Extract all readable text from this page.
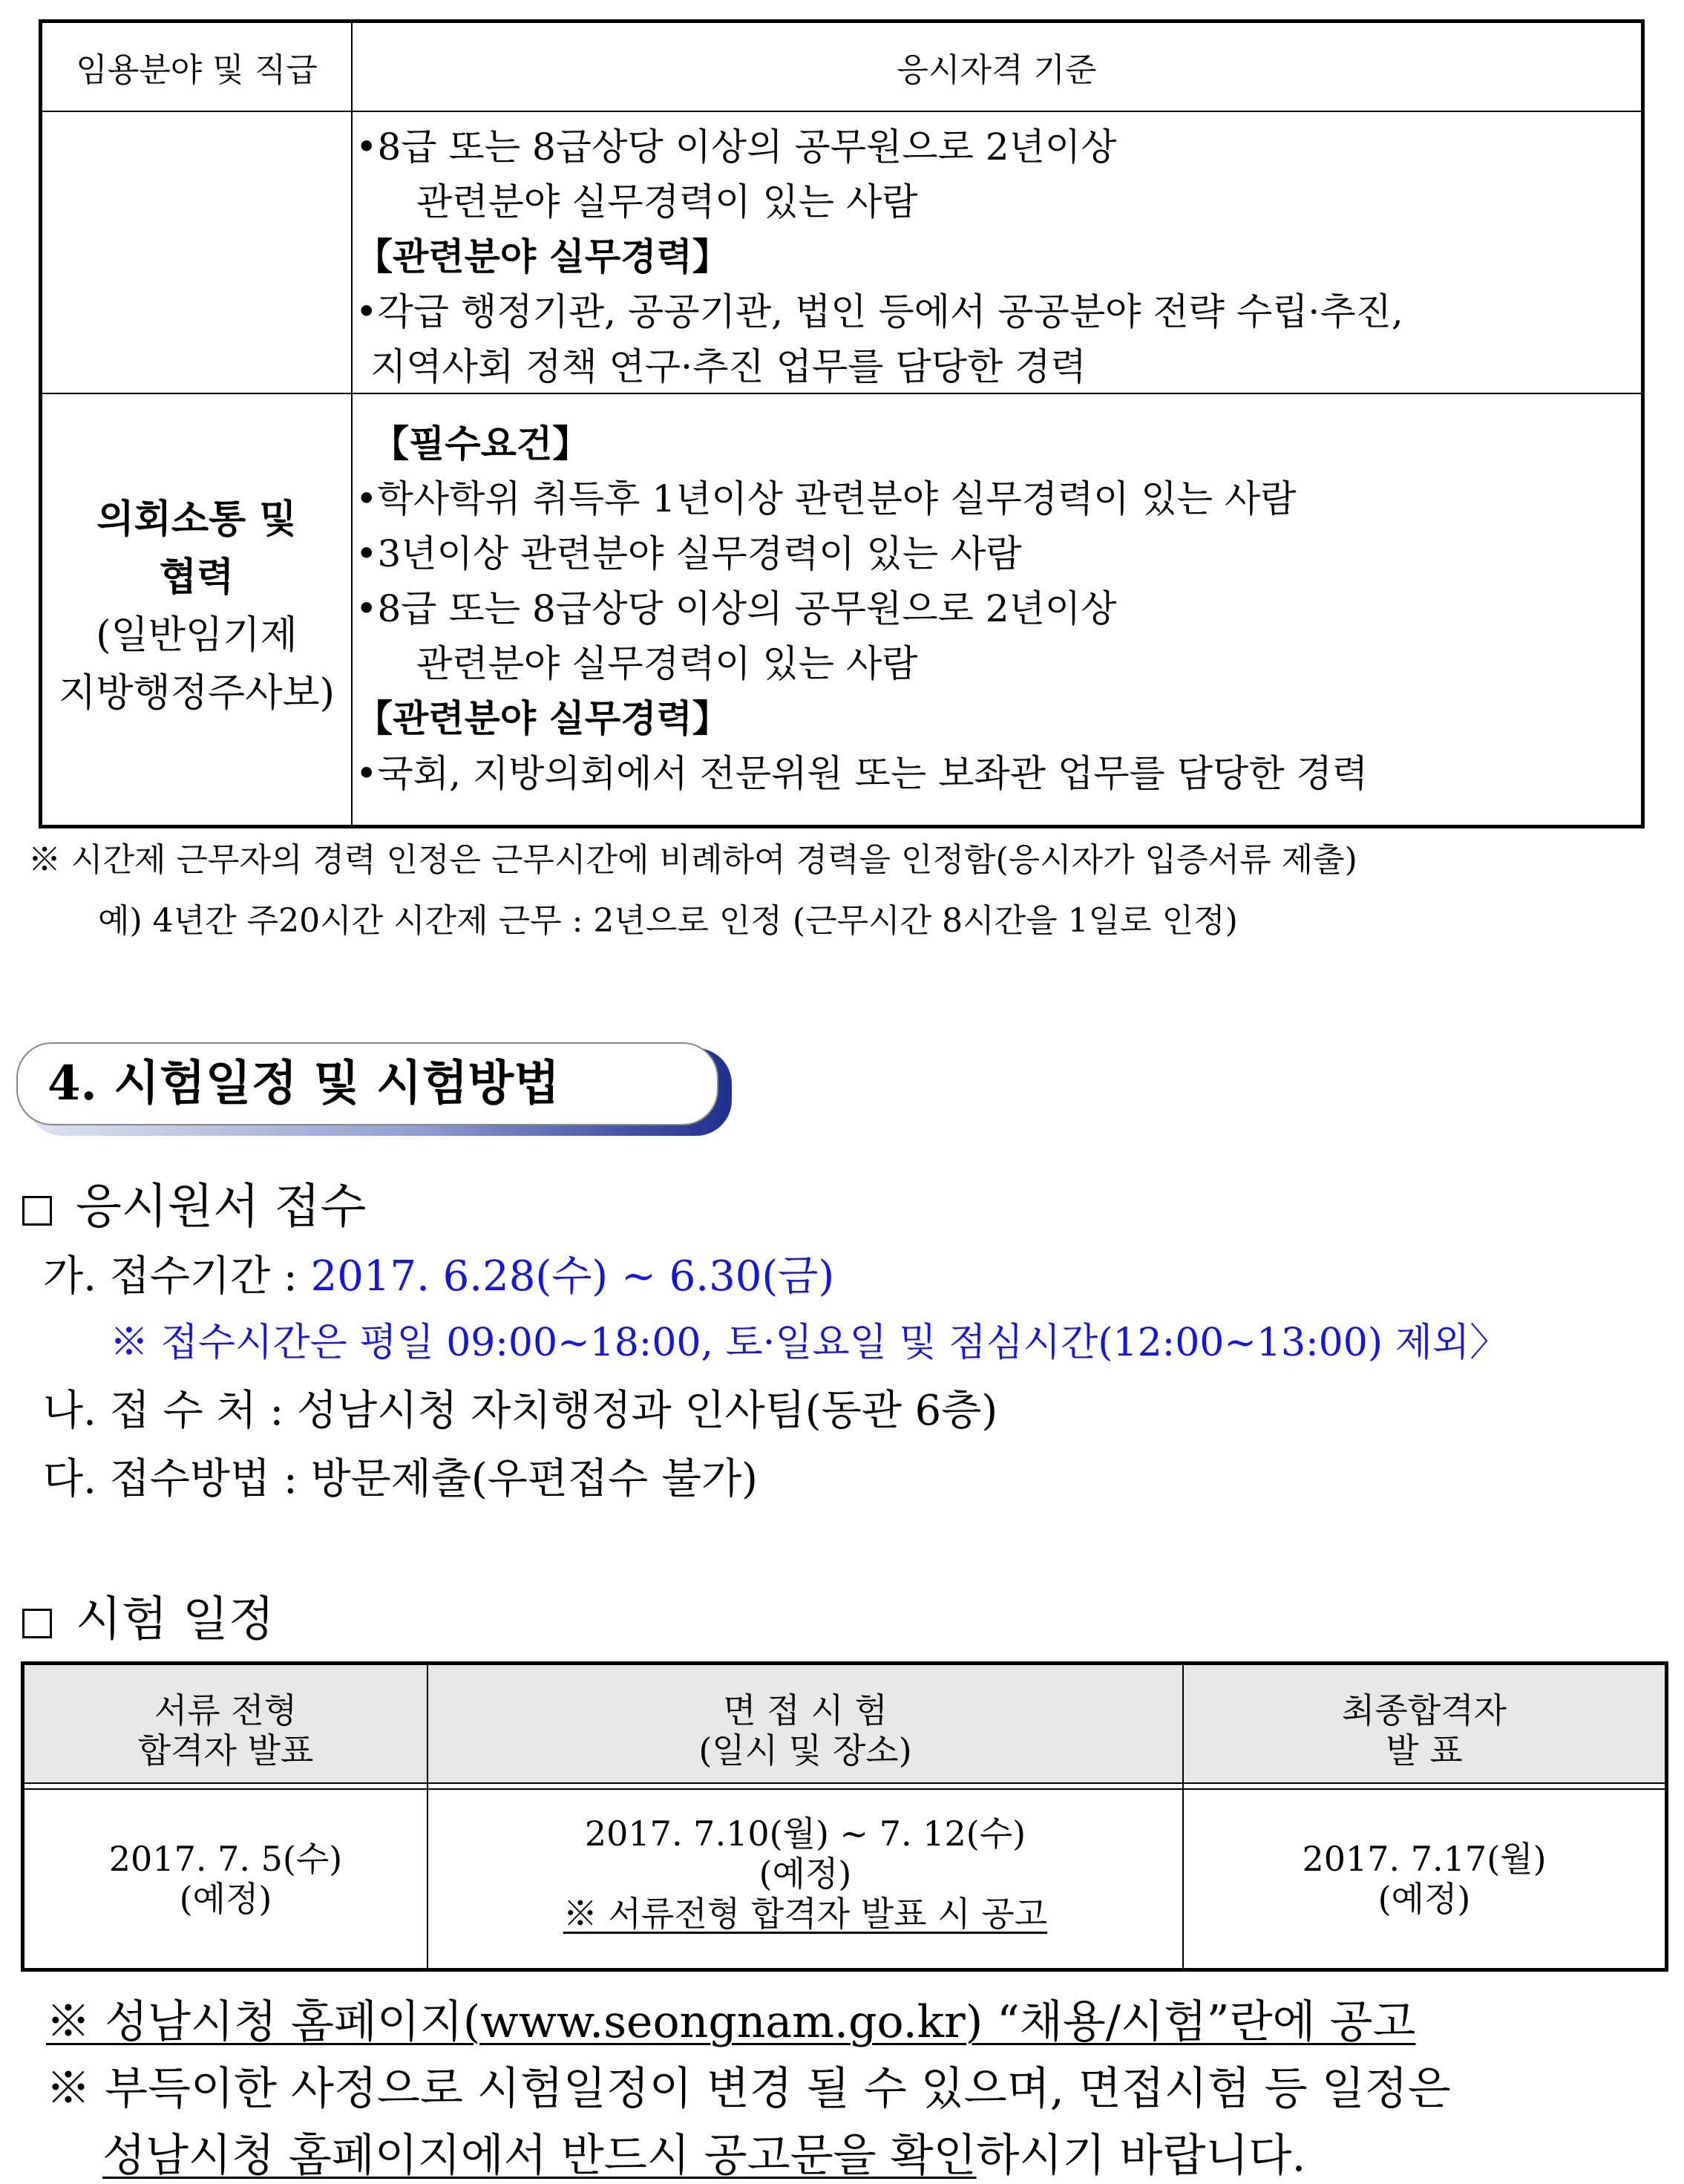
임용분야 및 직급	응시자격 기준
•8급 또는 8급상당 이상의 공무원으로 2년이상
관련분야 실무경력이 있는 사람
【관련분야 실무경력】
•각급 행정기관, 공공기관, 법인 등에서 공공분야 전략 수립·추진,
지역사회 정책 연구·추진 업무를 담당한 경력
의회소통 및
협력
(일반임기제
지방행정주사보)
【필수요건】
•학사학위 취득후 1년이상 관련분야 실무경력이 있는 사람
•3년이상 관련분야 실무경력이 있는 사람
•8급 또는 8급상당 이상의 공무원으로 2년이상
관련분야 실무경력이 있는 사람
【관련분야 실무경력】
•국회, 지방의회에서 전문위원 또는 보좌관 업무를 담당한 경력
※ 시간제 근무자의 경력 인정은 근무시간에 비례하여 경력을 인정함(응시자가 입증서류 제출)
예) 4년간 주20시간 시간제 근무 : 2년으로 인정 (근무시간 8시간을 1일로 인정)
4. 시험일정 및 시험방법
응시원서 접수
가. 접수기간 : 2017. 6.28(수) ~ 6.30(금)
※ 접수시간은 평일 09:00~18:00, 토·일요일 및 점심시간(12:00~13:00) 제외〉
나. 접 수 처 : 성남시청 자치행정과 인사팀(동관 6층)
다. 접수방법 : 방문제출(우편접수 불가)
시험 일정
서류 전형
합격자 발표
면 접 시 험
(일시 및 장소)
최종합격자
발 표
2017. 7. 5(수)
(예정)
2017. 7.10(월) ~ 7. 12(수)
(예정)
※ 서류전형 합격자 발표 시 공고
2017. 7.17(월)
(예정)
※ 성남시청 홈페이지(www.seongnam.go.kr) “채용/시험”란에 공고
※ 부득이한 사정으로 시험일정이 변경 될 수 있으며, 면접시험 등 일정은
성남시청 홈페이지에서 반드시 공고문을 확인하시기 바랍니다.
